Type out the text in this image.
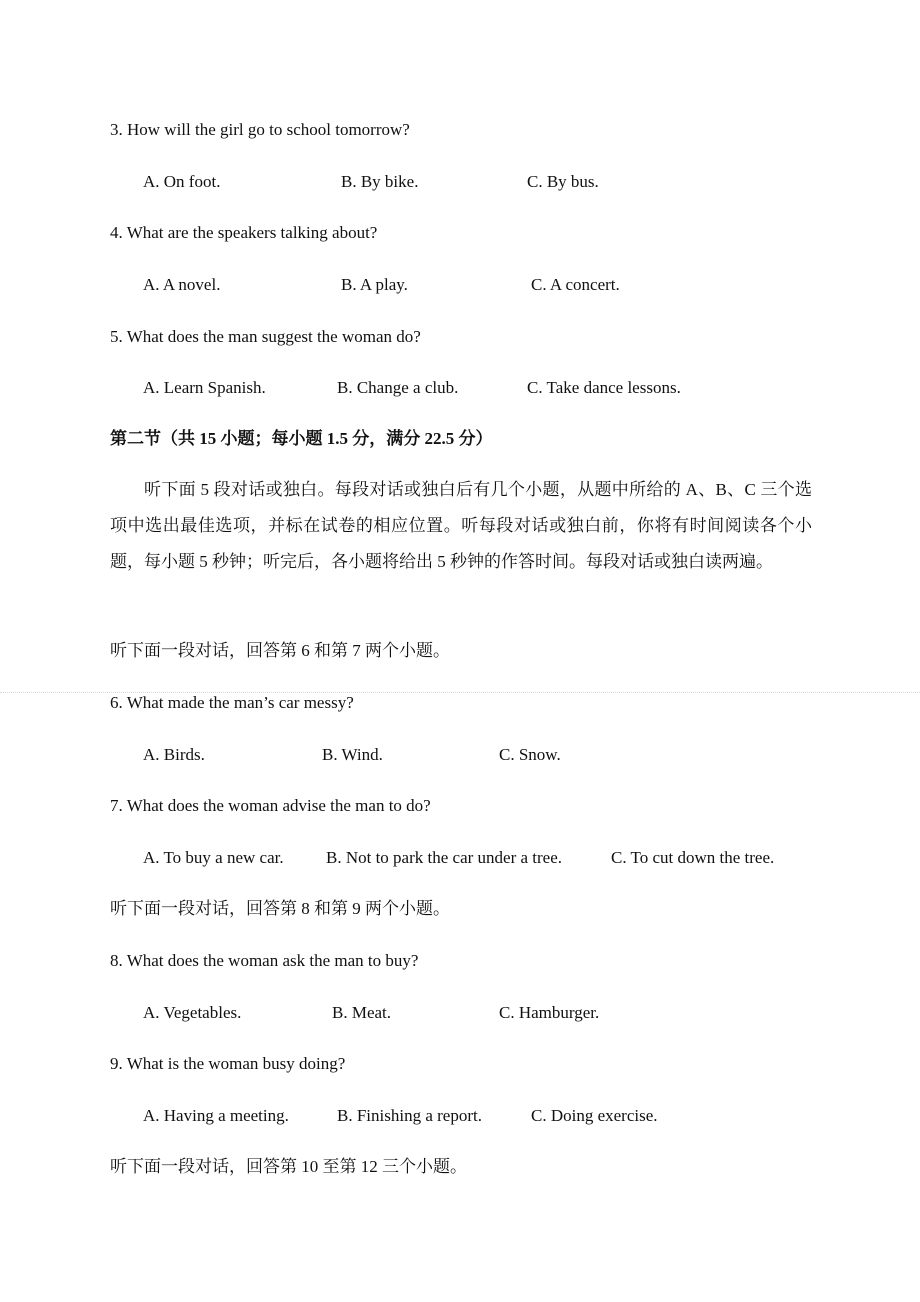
3. How will the girl go to school tomorrow?
A. On foot.	B. By bike.	C. By bus.
4. What are the speakers talking about?
A. A novel.	B. A play.	C. A concert.
5. What does the man suggest the woman do?
A. Learn Spanish.	B. Change a club.	C. Take dance lessons.
第二节（共 15 小题；每小题 1.5 分，满分 22.5 分）
听下面 5 段对话或独白。每段对话或独白后有几个小题，从题中所给的 A、B、C 三个选项中选出最佳选项，并标在试卷的相应位置。听每段对话或独白前，你将有时间阅读各个小题，每小题 5 秒钟；听完后，各小题将给出 5 秒钟的作答时间。每段对话或独白读两遍。
听下面一段对话，回答第 6 和第 7 两个小题。
6. What made the man’s car messy?
A. Birds.	B. Wind.	C. Snow.
7. What does the woman advise the man to do?
A. To buy a new car. B. Not to park the car under a tree.	C. To cut down the tree.
听下面一段对话，回答第 8 和第 9 两个小题。
8. What does the woman ask the man to buy?
A. Vegetables.	B. Meat.	C. Hamburger.
9. What is the woman busy doing?
A. Having a meeting.	B. Finishing a report.	C. Doing exercise.
听下面一段对话，回答第 10 至第 12 三个小题。
